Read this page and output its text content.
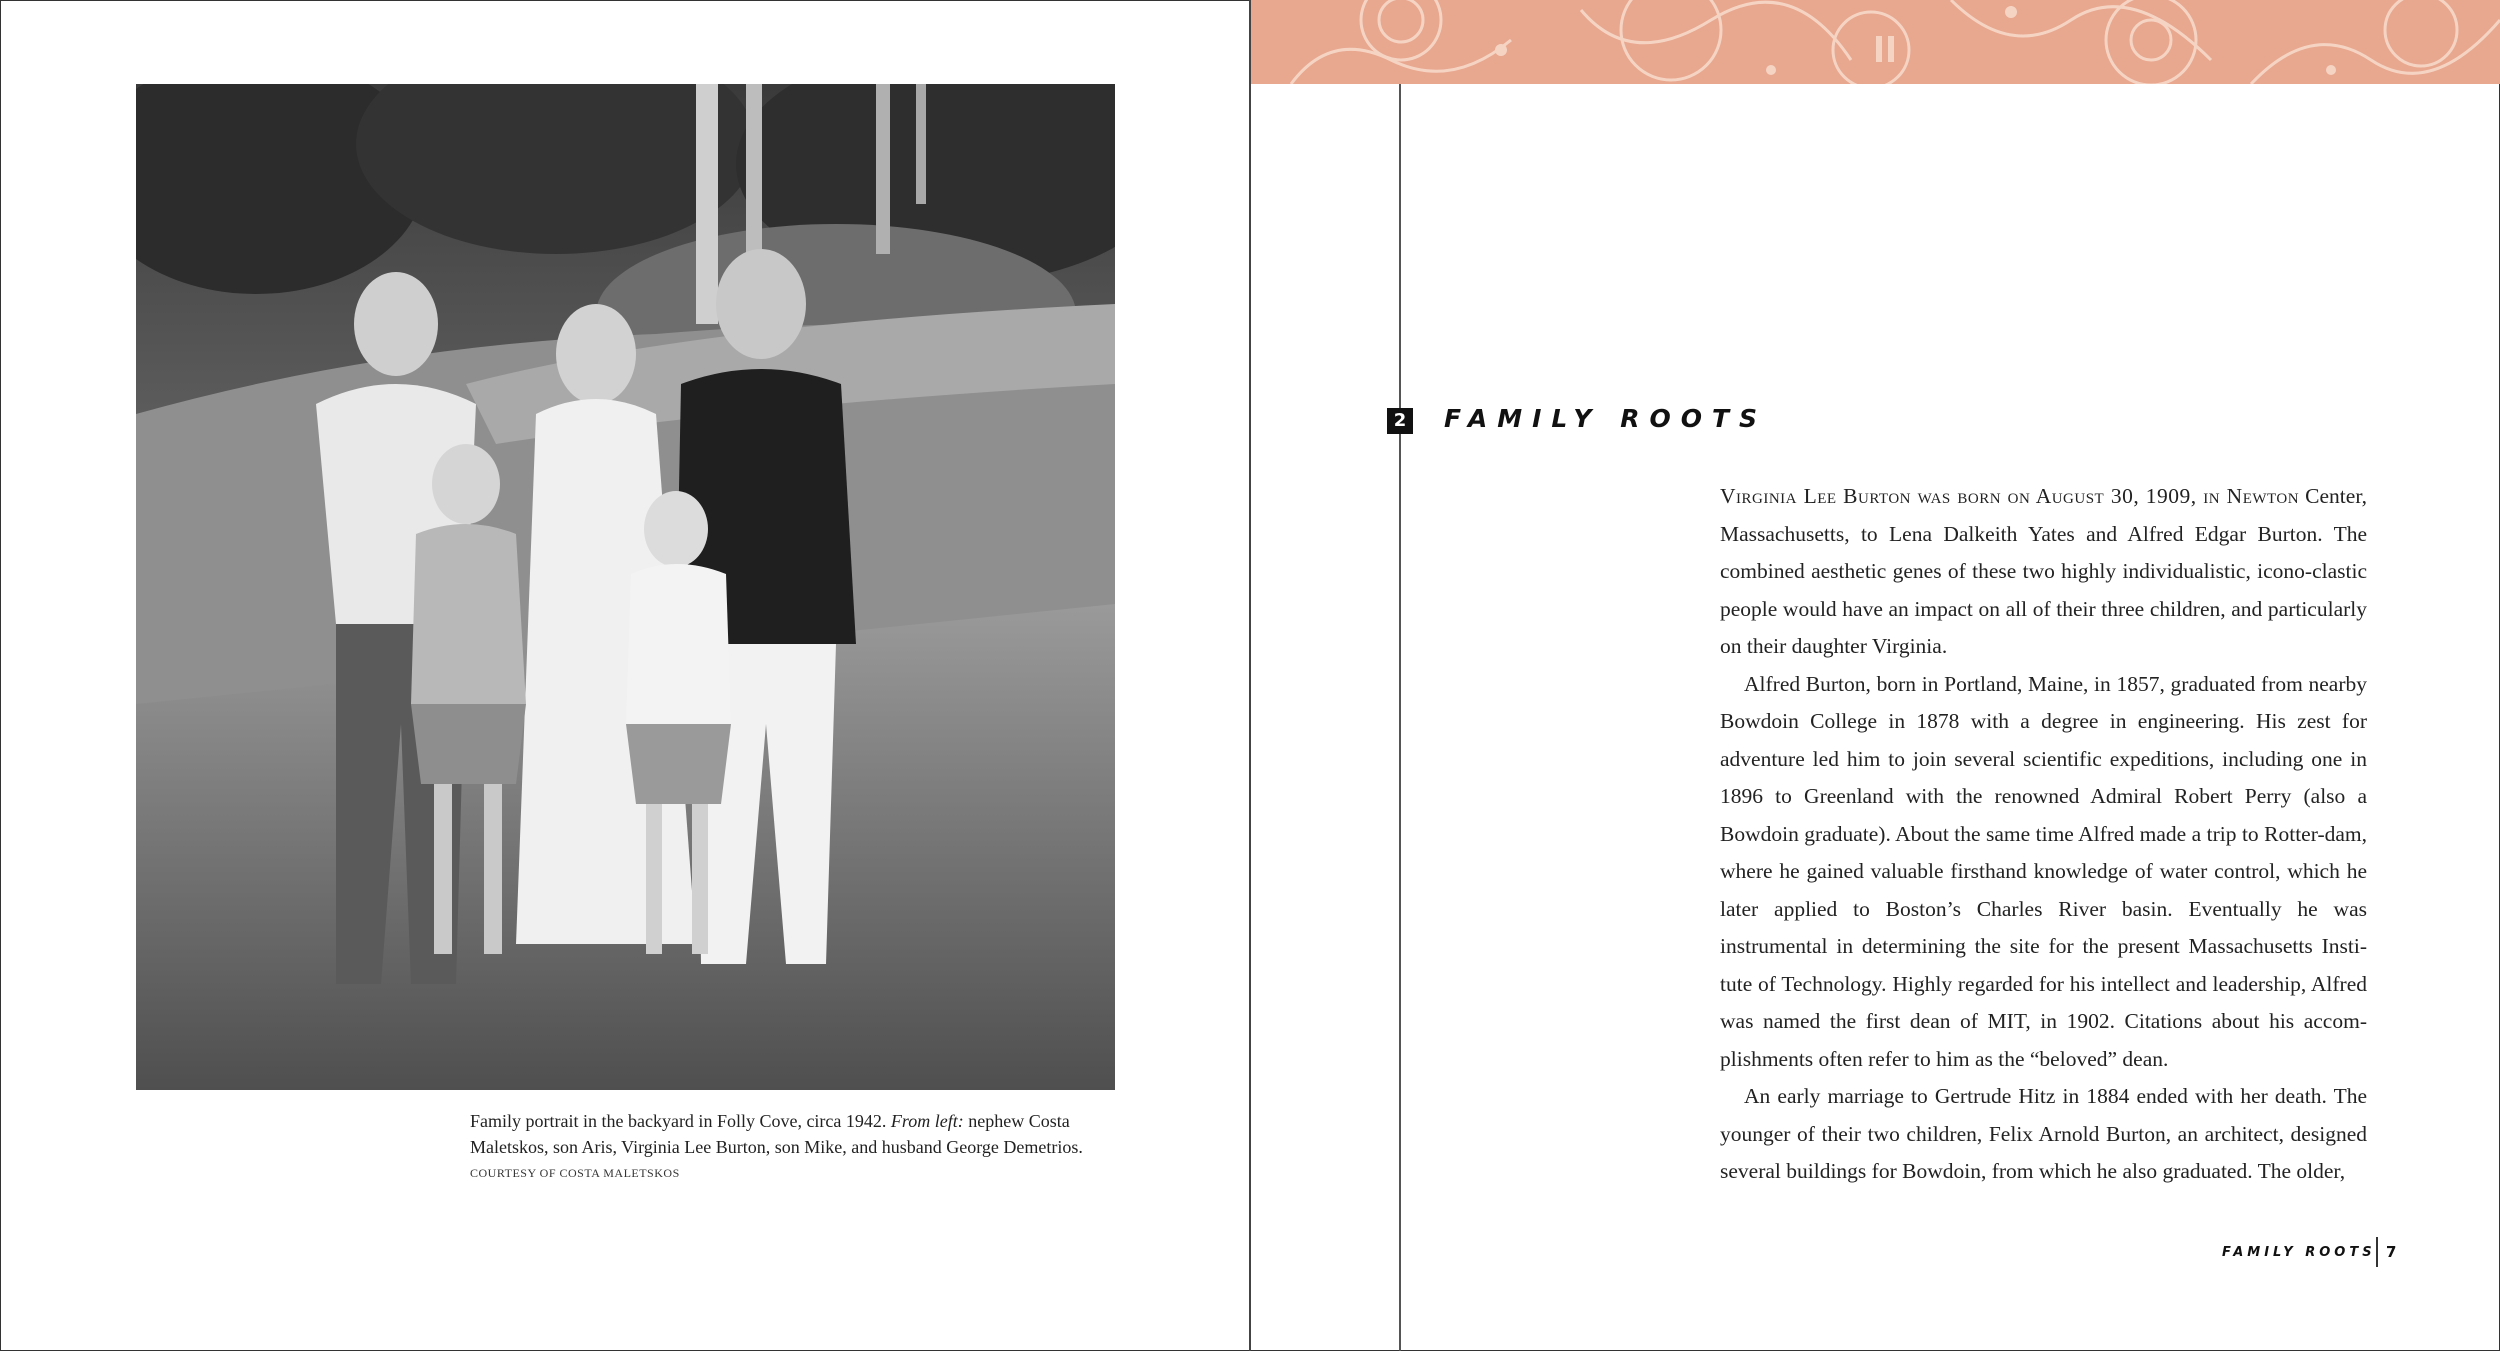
Family portrait in the backyard in Folly Cove, circa 1942. From left: nephew Costa Maletskos, son Aris, Virginia Lee Burton, son Mike, and husband George Demetrios.
COURTESY OF COSTA MALETSKOS
2 FAMILY ROOTS

Virginia Lee Burton was born on August 30, 1909, in Newton Center, Massachusetts, to Lena Dalkeith Yates and Alfred Edgar Burton. The combined aesthetic genes of these two highly individualistic, icono-clastic people would have an impact on all of their three children, and particularly on their daughter Virginia.

Alfred Burton, born in Portland, Maine, in 1857, graduated from nearby Bowdoin College in 1878 with a degree in engineering. His zest for adventure led him to join several scientific expeditions, including one in 1896 to Greenland with the renowned Admiral Robert Perry (also a Bowdoin graduate). About the same time Alfred made a trip to Rotter-dam, where he gained valuable firsthand knowledge of water control, which he later applied to Boston’s Charles River basin. Eventually he was instrumental in determining the site for the present Massachusetts Insti-tute of Technology. Highly regarded for his intellect and leadership, Alfred was named the first dean of MIT, in 1902. Citations about his accom-plishments often refer to him as the “beloved” dean.

An early marriage to Gertrude Hitz in 1884 ended with her death. The younger of their two children, Felix Arnold Burton, an architect, designed several buildings for Bowdoin, from which he also graduated. The older,

FAMILY ROOTS 7
